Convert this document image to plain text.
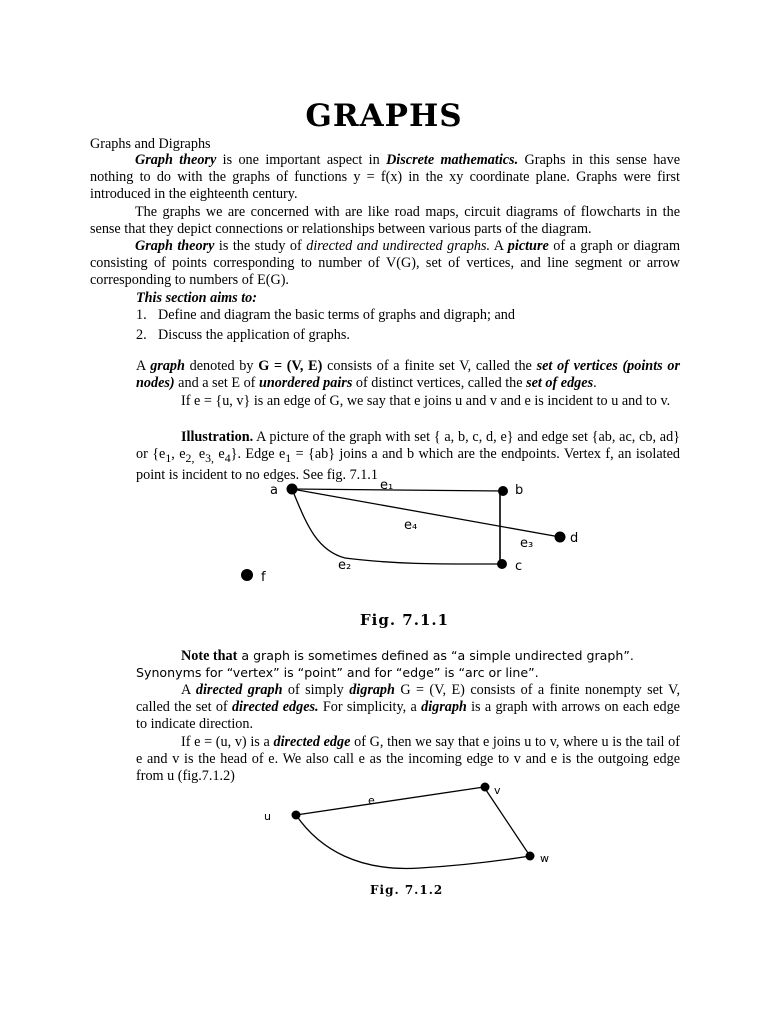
GRAPHS
Graphs and Digraphs
Graph theory is one important aspect in Discrete mathematics. Graphs in this sense have nothing to do with the graphs of functions y = f(x) in the xy coordinate plane. Graphs were first introduced in the eighteenth century.
The graphs we are concerned with are like road maps, circuit diagrams of flowcharts in the sense that they depict connections or relationships between various parts of the diagram.
Graph theory is the study of directed and undirected graphs. A picture of a graph or diagram consisting of points corresponding to number of V(G), set of vertices, and line segment or arrow corresponding to numbers of E(G).
This section aims to:
1. Define and diagram the basic terms of graphs and digraph; and
2. Discuss the application of graphs.
A graph denoted by G = (V, E) consists of a finite set V, called the set of vertices (points or nodes) and a set E of unordered pairs of distinct vertices, called the set of edges.
If e = {u, v} is an edge of G, we say that e joins u and v and e is incident to u and to v.
Illustration. A picture of the graph with set { a, b, c, d, e} and edge set {ab, ac, cb, ad} or {$e_1$, $e_{2,}$ $e_{3,}$ $e_4$}. Edge $e_1 = \{ab\}$ joins a and b which are the endpoints. Vertex f, an isolated point is incident to no edges. See fig. 7.1.1
a	b
d
c
f
e₁
e₄
e₃
e₂
Fig. 7.1.1
Note that a graph is sometimes defined as “a simple undirected graph”.
Synonyms for “vertex” is “point” and for “edge” is “arc or line”.
A directed graph of simply digraph G = (V, E) consists of a finite nonempty set V, called the set of directed edges. For simplicity, a digraph is a graph with arrows on each edge to indicate direction.
If e = (u, v) is a directed edge of G, then we say that e joins u to v, where u is the tail of e and v is the head of e. We also call e as the incoming edge to v and e is the outgoing edge from u (fig.7.1.2)
u
v
w
e
Fig. 7.1.2
